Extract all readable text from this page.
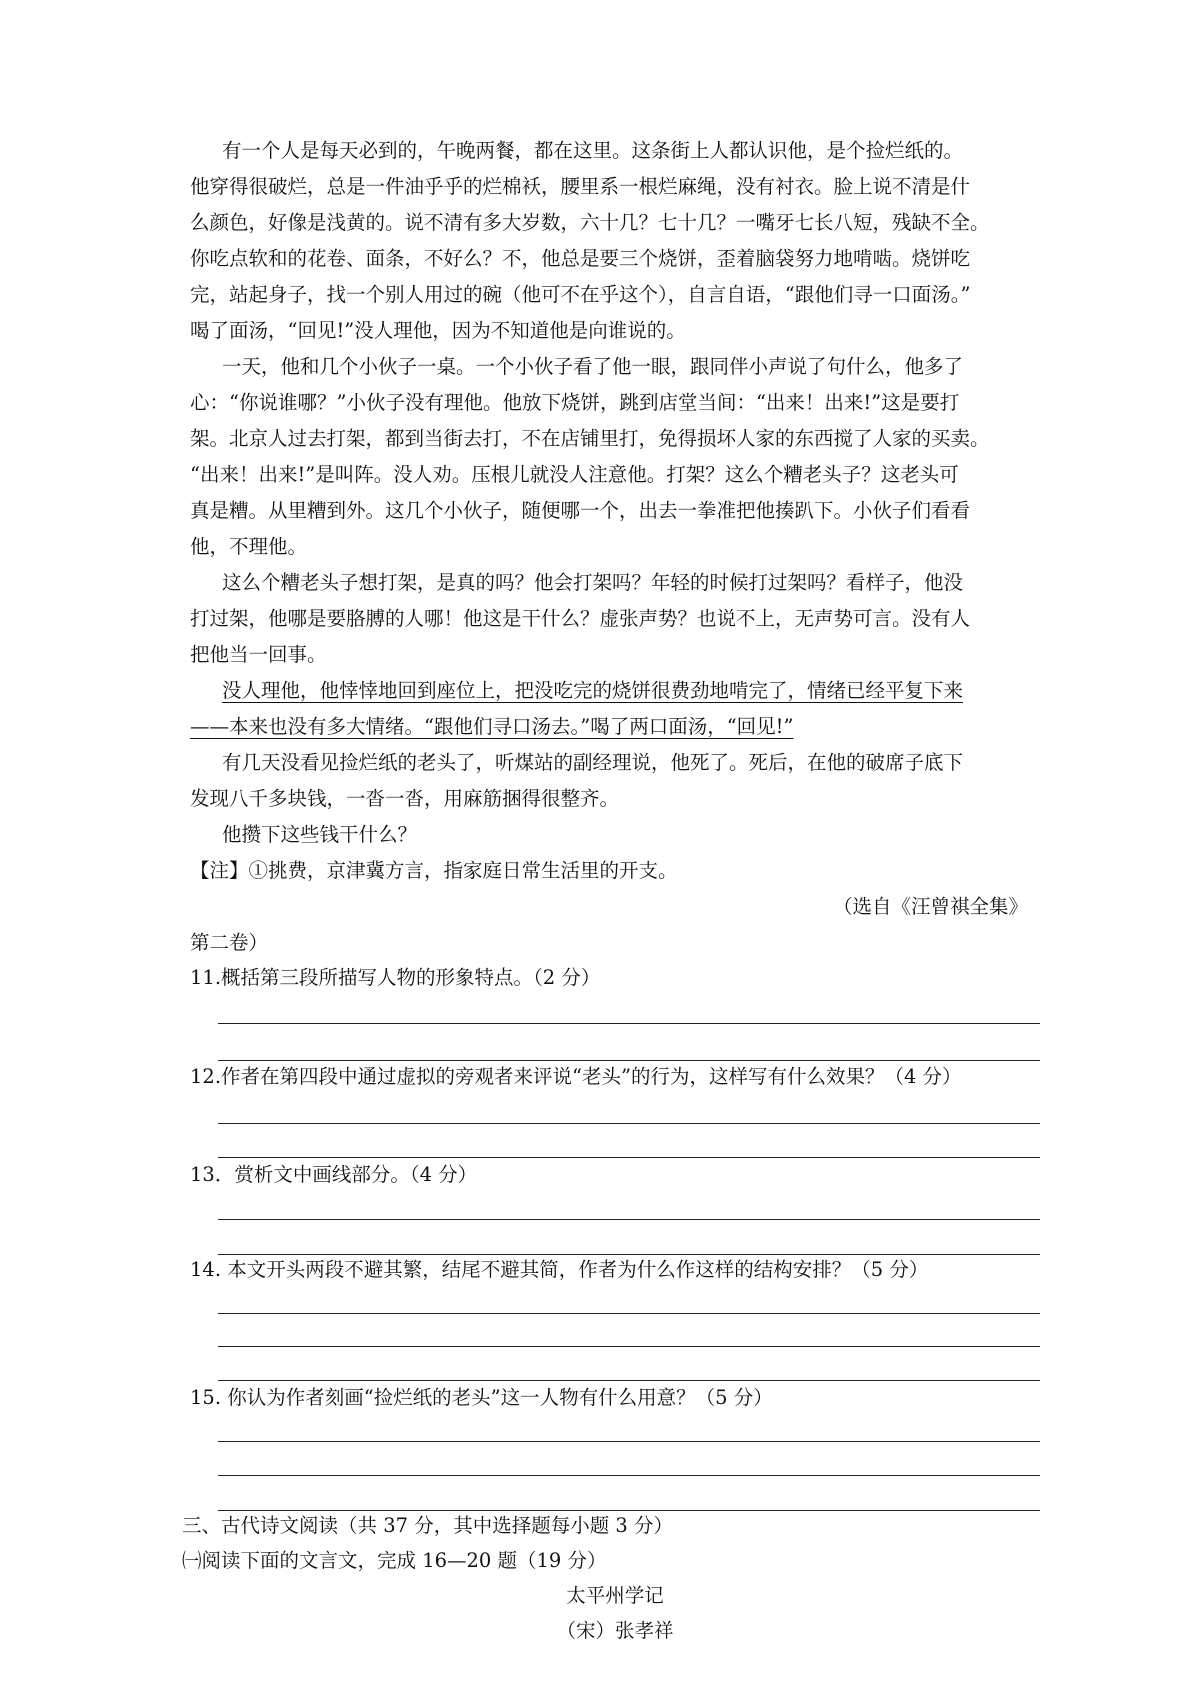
有一个人是每天必到的，午晚两餐，都在这里。这条街上人都认识他，是个捡烂纸的。
他穿得很破烂，总是一件油乎乎的烂棉袄，腰里系一根烂麻绳，没有衬衣。脸上说不清是什
么颜色，好像是浅黄的。说不清有多大岁数，六十几？七十几？一嘴牙七长八短，残缺不全。
你吃点软和的花卷、面条，不好么？不，他总是要三个烧饼，歪着脑袋努力地啃啮。烧饼吃
完，站起身子，找一个别人用过的碗（他可不在乎这个），自言自语，“跟他们寻一口面汤。”
喝了面汤，“回见!”没人理他，因为不知道他是向谁说的。
一天，他和几个小伙子一桌。一个小伙子看了他一眼，跟同伴小声说了句什么，他多了
心：“你说谁哪？”小伙子没有理他。他放下烧饼，跳到店堂当间：“出来！出来!”这是要打
架。北京人过去打架，都到当街去打，不在店铺里打，免得损坏人家的东西搅了人家的买卖。
“出来！出来!”是叫阵。没人劝。压根儿就没人注意他。打架？这么个糟老头子？这老头可
真是糟。从里糟到外。这几个小伙子，随便哪一个，出去一拳准把他揍趴下。小伙子们看看
他，不理他。
这么个糟老头子想打架，是真的吗？他会打架吗？年轻的时候打过架吗？看样子，他没
打过架，他哪是要胳膊的人哪！他这是干什么？虚张声势？也说不上，无声势可言。没有人
把他当一回事。
没人理他，他悻悻地回到座位上，把没吃完的烧饼很费劲地啃完了，情绪已经平复下来
——本来也没有多大情绪。“跟他们寻口汤去。”喝了两口面汤，“回见!”
有几天没看见捡烂纸的老头了，听煤站的副经理说，他死了。死后，在他的破席子底下
发现八千多块钱，一沓一沓，用麻筋捆得很整齐。
他攒下这些钱干什么？
【注】①挑费，京津冀方言，指家庭日常生活里的开支。
（选自《汪曾祺全集》
第二卷）
11.概括第三段所描写人物的形象特点。（2 分）
12.作者在第四段中通过虚拟的旁观者来评说“老头”的行为，这样写有什么效果？（4 分）
13．赏析文中画线部分。（4 分）
14. 本文开头两段不避其繁，结尾不避其简，作者为什么作这样的结构安排？（5 分）
15. 你认为作者刻画“捡烂纸的老头”这一人物有什么用意？（5 分）
三、古代诗文阅读（共 37 分，其中选择题每小题 3 分）
㈠阅读下面的文言文，完成 16—20 题（19 分）
太平州学记
（宋）张孝祥
